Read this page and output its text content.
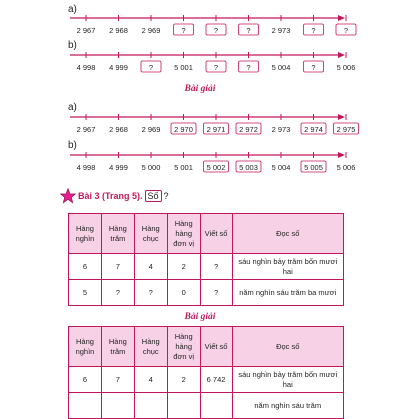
a)
2 967 2 968 2 969	?	?	?	2 973	?	?
4 998 4 999	?	5 001	?	?	5 004	?	5 006
b)
Bài giải
a)
b)
2 967 2 968 2 969 2 970 2 971 2 972 2 973 2 974 2 975
4 998 4 999 5 000 5 001 5 002 5 003 5 004 5 005 5 006
Bài 3 (Trang 5). Số ?
Hàng nghìn	Hàng trăm	Hàng chục	Hàng hàng đơn vị	Viết số	Đọc số
6	7	4	2	?	sáu nghìn bảy trăm bốn mươi hai
5	?	?	0	?	năm nghìn sáu trăm ba mươi
Bài giải
Hàng nghìn	Hàng trăm	Hàng chục	Hàng hàng đơn vị	Viết số	Đọc số
6	7	4	2	6 742	sáu nghìn bảy trăm bốn mươi hai
					năm nghìn sáu trăm
